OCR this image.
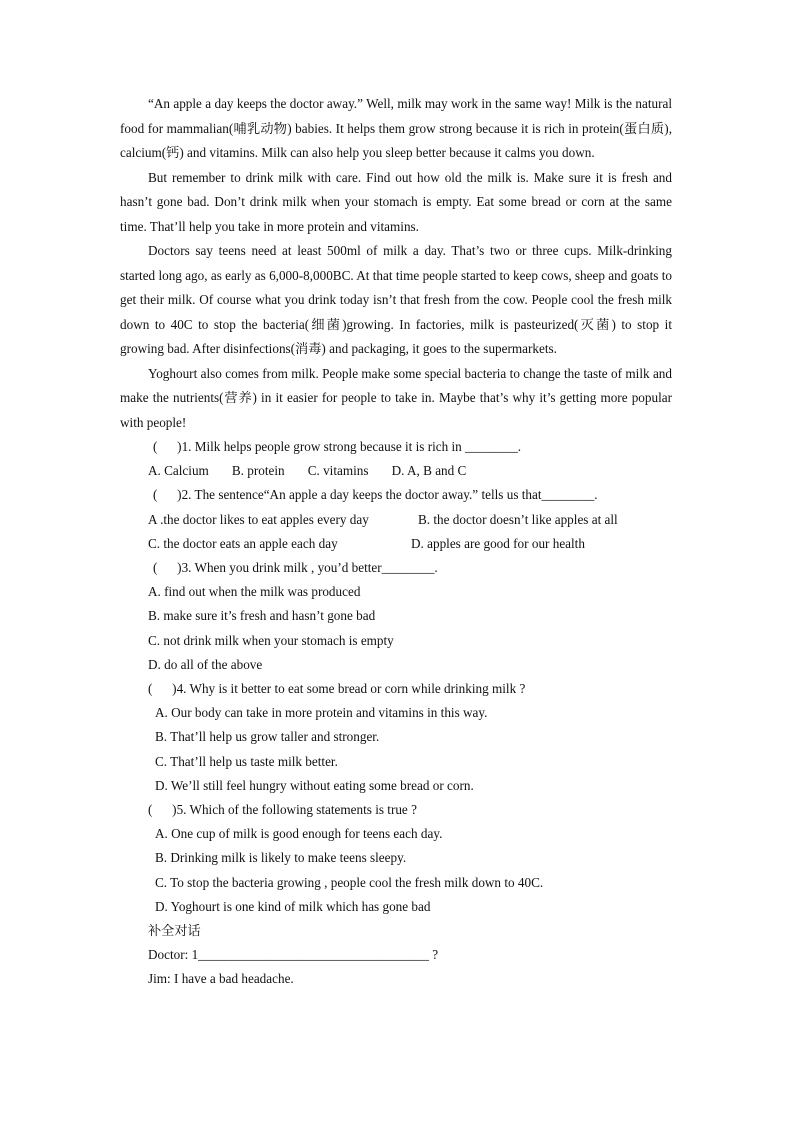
“An apple a day keeps the doctor away.” Well, milk may work in the same way! Milk is the natural food for mammalian(哺乳动物) babies. It helps them grow strong because it is rich in protein(蛋白质), calcium(钙) and vitamins. Milk can also help you sleep better because it calms you down.

But remember to drink milk with care. Find out how old the milk is. Make sure it is fresh and hasn’t gone bad. Don’t drink milk when your stomach is empty. Eat some bread or corn at the same time. That’ll help you take in more protein and vitamins.

Doctors say teens need at least 500ml of milk a day. That’s two or three cups. Milk-drinking started long ago, as early as 6,000-8,000BC. At that time people started to keep cows, sheep and goats to get their milk. Of course what you drink today isn’t that fresh from the cow. People cool the fresh milk down to 40C to stop the bacteria(细菌)growing. In factories, milk is pasteurized(灭菌) to stop it growing bad. After disinfections(消毒) and packaging, it goes to the supermarkets.

Yoghourt also comes from milk. People make some special bacteria to change the taste of milk and make the nutrients(营养) in it easier for people to take in. Maybe that’s why it’s getting more popular with people!

(      )1. Milk helps people grow strong because it is rich in ________.

A. Calcium       B. protein       C. vitamins       D. A, B and C

(      )2. The sentence“An apple a day keeps the doctor away.” tells us that________.

A .the doctor likes to eat apples every day	B. the doctor doesn’t like apples at all
C. the doctor eats an apple each day	D. apples are good for our health

(      )3. When you drink milk , you’d better________.

A. find out when the milk was produced

B. make sure it’s fresh and hasn’t gone bad

C. not drink milk when your stomach is empty

D. do all of the above

(      )4. Why is it better to eat some bread or corn while drinking milk ?

A. Our body can take in more protein and vitamins in this way.

B. That’ll help us grow taller and stronger.

C. That’ll help us taste milk better.

D. We’ll still feel hungry without eating some bread or corn.

(      )5. Which of the following statements is true ?

A. One cup of milk is good enough for teens each day.

B. Drinking milk is likely to make teens sleepy.

C. To stop the bacteria growing , people cool the fresh milk down to 40C.

D. Yoghourt is one kind of milk which has gone bad

补全对话

Doctor: 1___________________________________ ?

Jim: I have a bad headache.
